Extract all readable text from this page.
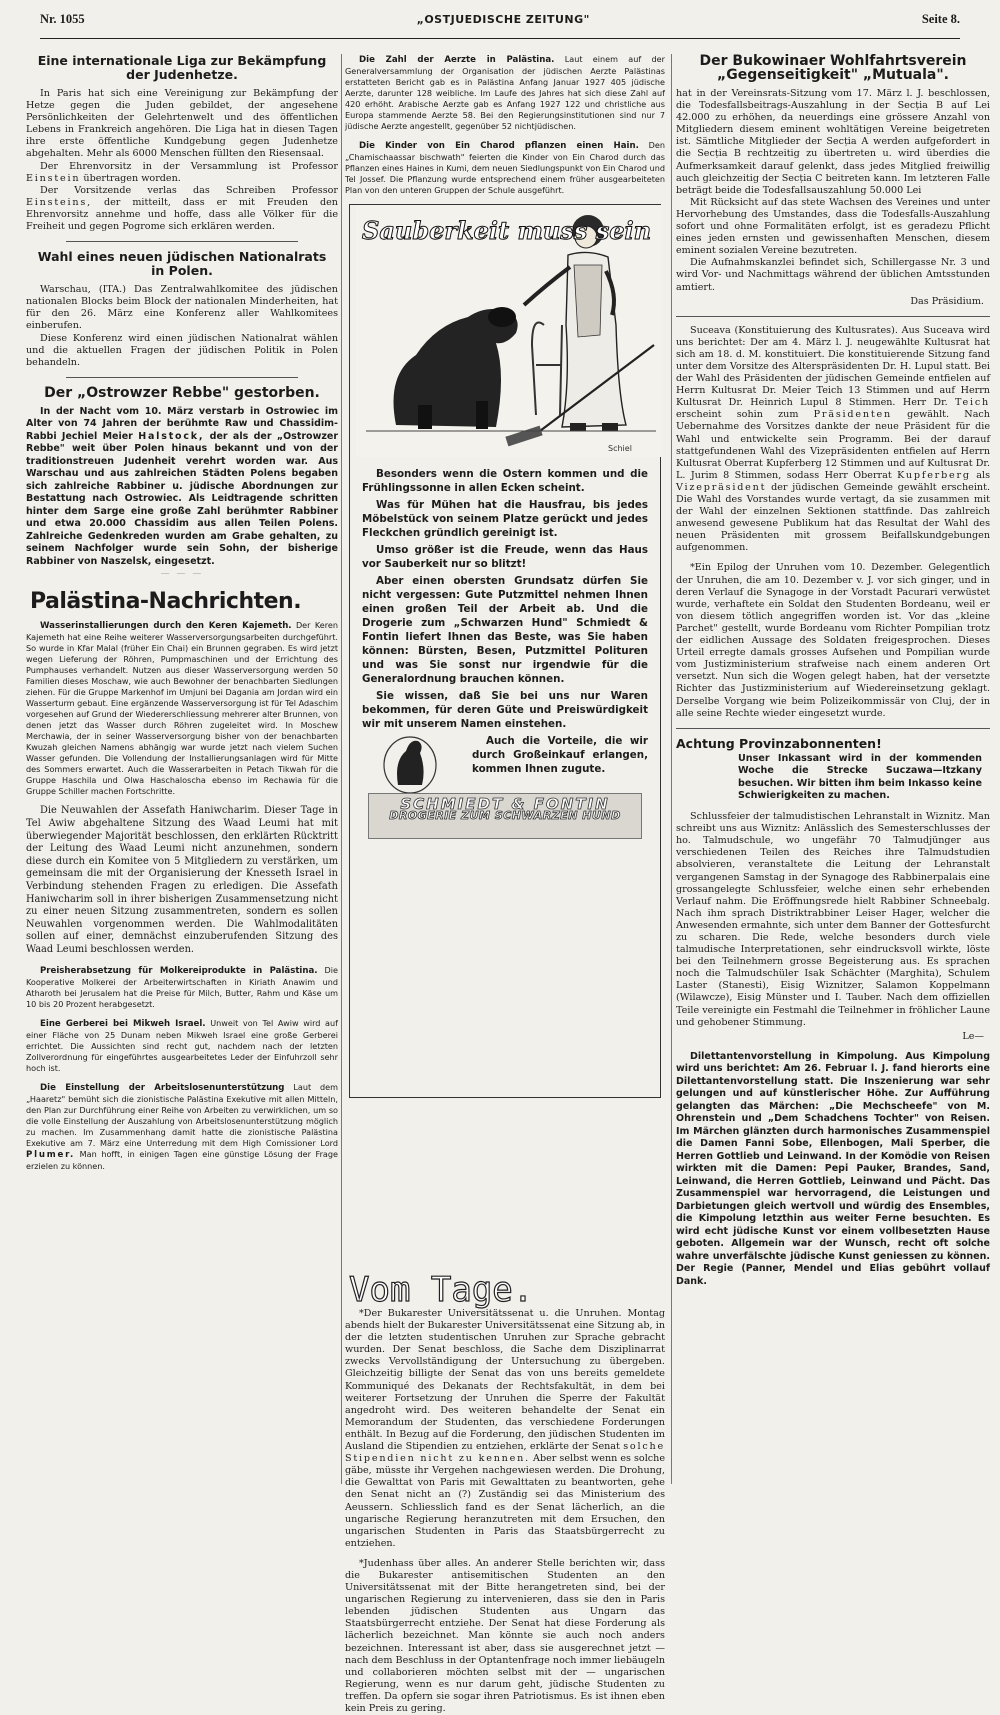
Nr. 1055	„OSTJUEDISCHE ZEITUNG"	Seite 8.
Eine internationale Liga zur Bekämpfung der Judenhetze.

In Paris hat sich eine Vereinigung zur Bekämpfung der Hetze gegen die Juden gebildet, der angesehene Persönlichkeiten der Gelehrtenwelt und des öffentlichen Lebens in Frankreich angehören. Die Liga hat in diesen Tagen ihre erste öffentliche Kundgebung gegen Judenhetze abgehalten. Mehr als 6000 Menschen füllten den Riesensaal.

Der Ehrenvorsitz in der Versammlung ist Professor Einstein übertragen worden.

Der Vorsitzende verlas das Schreiben Professor Einsteins, der mitteilt, dass er mit Freuden den Ehrenvorsitz annehme und hoffe, dass alle Völker für die Freiheit und gegen Pogrome sich erklären werden.

Wahl eines neuen jüdischen Nationalrats in Polen.

Warschau, (ITA.) Das Zentralwahlkomitee des jüdischen nationalen Blocks beim Block der nationalen Minderheiten, hat für den 26. März eine Konferenz aller Wahlkomitees einberufen.

Diese Konferenz wird einen jüdischen Nationalrat wählen und die aktuellen Fragen der jüdischen Politik in Polen behandeln.

Der „Ostrowzer Rebbe" gestorben.

In der Nacht vom 10. März verstarb in Ostrowiec im Alter von 74 Jahren der berühmte Raw und Chassidim-Rabbi Jechiel Meier Halstock, der als der „Ostrowzer Rebbe" weit über Polen hinaus bekannt und von der traditionstreuen Judenheit verehrt worden war. Aus Warschau und aus zahlreichen Städten Polens begaben sich zahlreiche Rabbiner u. jüdische Abordnungen zur Bestattung nach Ostrowiec. Als Leidtragende schritten hinter dem Sarge eine große Zahl berühmter Rabbiner und etwa 20.000 Chassidim aus allen Teilen Polens. Zahlreiche Gedenkreden wurden am Grabe gehalten, zu seinem Nachfolger wurde sein Sohn, der bisherige Rabbiner von Naszelsk, eingesetzt.

— — —
Palästina-Nachrichten.

Wasserinstallierungen durch den Keren Kajemeth. Der Keren Kajemeth hat eine Reihe weiterer Wasserversorgungsarbeiten durchgeführt. So wurde in Kfar Malal (früher Ein Chai) ein Brunnen gegraben. Es wird jetzt wegen Lieferung der Röhren, Pumpmaschinen und der Errichtung des Pumphauses verhandelt. Nutzen aus dieser Wasserversorgung werden 50 Familien dieses Moschaw, wie auch Bewohner der benachbarten Siedlungen ziehen. Für die Gruppe Markenhof im Umjuni bei Dagania am Jordan wird ein Wasserturm gebaut. Eine ergänzende Wasserversorgung ist für Tel Adaschim vorgesehen auf Grund der Wiedererschliessung mehrerer alter Brunnen, von denen jetzt das Wasser durch Röhren zugeleitet wird. In Moschew Merchawia, der in seiner Wasserversorgung bisher von der benachbarten Kwuzah gleichen Namens abhängig war wurde jetzt nach vielem Suchen Wasser gefunden. Die Vollendung der Installierungsanlagen wird für Mitte des Sommers erwartet. Auch die Wasserarbeiten in Petach Tikwah für die Gruppe Haschila und Olwa Haschaloscha ebenso im Rechawia für die Gruppe Schiller machen Fortschritte.

Die Neuwahlen der Assefath Haniwcharim. Dieser Tage in Tel Awiw abgehaltene Sitzung des Waad Leumi hat mit überwiegender Majorität beschlossen, den erklärten Rücktritt der Leitung des Waad Leumi nicht anzunehmen, sondern diese durch ein Komitee von 5 Mitgliedern zu verstärken, um gemeinsam die mit der Organisierung der Knesseth Israel in Verbindung stehenden Fragen zu erledigen. Die Assefath Haniwcharim soll in ihrer bisherigen Zusammensetzung nicht zu einer neuen Sitzung zusammentreten, sondern es sollen Neuwahlen vorgenommen werden. Die Wahlmodalitäten sollen auf einer, demnächst einzuberufenden Sitzung des Waad Leumi beschlossen werden.

Preisherabsetzung für Molkereiprodukte in Palästina. Die Kooperative Molkerei der Arbeiterwirtschaften in Kiriath Anawim und Atharoth bei Jerusalem hat die Preise für Milch, Butter, Rahm und Käse um 10 bis 20 Prozent herabgesetzt.

Eine Gerberei bei Mikweh Israel. Unweit von Tel Awiw wird auf einer Fläche von 25 Dunam neben Mikweh Israel eine große Gerberei errichtet. Die Aussichten sind recht gut, nachdem nach der letzten Zollverordnung für eingeführtes ausgearbeitetes Leder der Einfuhrzoll sehr hoch ist.

Die Einstellung der Arbeitslosenunterstützung Laut dem „Haaretz" bemüht sich die zionistische Palästina Exekutive mit allen Mitteln, den Plan zur Durchführung einer Reihe von Arbeiten zu verwirklichen, um so die volle Einstellung der Auszahlung von Arbeitslosenunterstützung möglich zu machen. Im Zusammenhang damit hatte die zionistische Palästina Exekutive am 7. März eine Unterredung mit dem High Comissioner Lord Plumer. Man hofft, in einigen Tagen eine günstige Lösung der Frage erzielen zu können.

Die Zahl der Aerzte in Palästina. Laut einem auf der Generalversammlung der Organisation der jüdischen Aerzte Palästinas erstatteten Bericht gab es in Palästina Anfang Januar 1927 405 jüdische Aerzte, darunter 128 weibliche. Im Laufe des Jahres hat sich diese Zahl auf 420 erhöht. Arabische Aerzte gab es Anfang 1927 122 und christliche aus Europa stammende Aerzte 58. Bei den Regierungsinstitutionen sind nur 7 jüdische Aerzte angestellt, gegenüber 52 nichtjüdischen.

Die Kinder von Ein Charod pflanzen einen Hain. Den „Chamischaassar bischwath" feierten die Kinder von Ein Charod durch das Pflanzen eines Haines in Kumi, dem neuen Siedlungspunkt von Ein Charod und Tel Jossef. Die Pflanzung wurde entsprechend einem früher ausgearbeiteten Plan von den unteren Gruppen der Schule ausgeführt.

Schiel
Sauberkeit muss sein

Besonders wenn die Ostern kommen und die Frühlingssonne in allen Ecken scheint.

Was für Mühen hat die Hausfrau, bis jedes Möbelstück von seinem Platze gerückt und jedes Fleckchen gründlich gereinigt ist.

Umso größer ist die Freude, wenn das Haus vor Sauberkeit nur so blitzt!

Aber einen obersten Grundsatz dürfen Sie nicht vergessen: Gute Putzmittel nehmen Ihnen einen großen Teil der Arbeit ab. Und die Drogerie zum „Schwarzen Hund" Schmiedt & Fontin liefert Ihnen das Beste, was Sie haben können: Bürsten, Besen, Putzmittel Polituren und was Sie sonst nur irgendwie für die Generalordnung brauchen können.

Sie wissen, daß Sie bei uns nur Waren bekommen, für deren Güte und Preiswürdigkeit wir mit unserem Namen einstehen.

Auch die Vorteile, die wir durch Großeinkauf erlangen, kommen Ihnen zugute.

SCHMIEDT & FONTIN
DROGERIE ZUM SCHWARZEN HUND
Vom Tage.

*Der Bukarester Universitätssenat u. die Unruhen. Montag abends hielt der Bukarester Universitätssenat eine Sitzung ab, in der die letzten studentischen Unruhen zur Sprache gebracht wurden. Der Senat beschloss, die Sache dem Disziplinarrat zwecks Vervollständigung der Untersuchung zu übergeben. Gleichzeitig billigte der Senat das von uns bereits gemeldete Kommuniqué des Dekanats der Rechtsfakultät, in dem bei weiterer Fortsetzung der Unruhen die Sperre der Fakultät angedroht wird. Des weiteren behandelte der Senat ein Memorandum der Studenten, das verschiedene Forderungen enthält. In Bezug auf die Forderung, den jüdischen Studenten im Ausland die Stipendien zu entziehen, erklärte der Senat solche Stipendien nicht zu kennen. Aber selbst wenn es solche gäbe, müsste ihr Vergehen nachgewiesen werden. Die Drohung, die Gewalttat von Paris mit Gewalttaten zu beantworten, gehe den Senat nicht an (?) Zuständig sei das Ministerium des Aeussern. Schliesslich fand es der Senat lächerlich, an die ungarische Regierung heranzutreten mit dem Ersuchen, den ungarischen Studenten in Paris das Staatsbürgerrecht zu entziehen.

*Judenhass über alles. An anderer Stelle berichten wir, dass die Bukarester antisemitischen Studenten an den Universitätssenat mit der Bitte herangetreten sind, bei der ungarischen Regierung zu intervenieren, dass sie den in Paris lebenden jüdischen Studenten aus Ungarn das Staatsbürgerrecht entziehe. Der Senat hat diese Forderung als lächerlich bezeichnet. Man könnte sie auch noch anders bezeichnen. Interessant ist aber, dass sie ausgerechnet jetzt — nach dem Beschluss in der Optantenfrage noch immer liebäugeln und collaborieren möchten selbst mit der — ungarischen Regierung, wenn es nur darum geht, jüdische Studenten zu treffen. Da opfern sie sogar ihren Patriotismus. Es ist ihnen eben kein Preis zu gering.

Der Bukowinaer Wohlfahrtsverein
„Gegenseitigkeit" „Mutuala".

hat in der Vereinsrats-Sitzung vom 17. März l. J. beschlossen, die Todesfallsbeitrags-Auszahlung in der Secția B auf Lei 42.000 zu erhöhen, da neuerdings eine grössere Anzahl von Mitgliedern diesem eminent wohltätigen Vereine beigetreten ist. Sämtliche Mitglieder der Secția A werden aufgefordert in die Secția B rechtzeitig zu übertreten u. wird überdies die Aufmerksamkeit darauf gelenkt, dass jedes Mitglied freiwillig auch gleichzeitig der Secția C beitreten kann. Im letzteren Falle beträgt beide die Todesfallsauszahlung 50.000 Lei

Mit Rücksicht auf das stete Wachsen des Vereines und unter Hervorhebung des Umstandes, dass die Todesfalls-Auszahlung sofort und ohne Formalitäten erfolgt, ist es geradezu Pflicht eines jeden ernsten und gewissenhaften Menschen, diesem eminent sozialen Vereine bezutreten.

Die Aufnahmskanzlei befindet sich, Schillergasse Nr. 3 und wird Vor- und Nachmittags während der üblichen Amtsstunden amtiert.

Das Präsidium.

Suceava (Konstituierung des Kultusrates). Aus Suceava wird uns berichtet: Der am 4. März l. J. neugewählte Kultusrat hat sich am 18. d. M. konstituiert. Die konstituierende Sitzung fand unter dem Vorsitze des Alterspräsidenten Dr. H. Lupul statt. Bei der Wahl des Präsidenten der jüdischen Gemeinde entfielen auf Herrn Kultusrat Dr. Meier Teich 13 Stimmen und auf Herrn Kultusrat Dr. Heinrich Lupul 8 Stimmen. Herr Dr. Teich erscheint sohin zum Präsidenten gewählt. Nach Uebernahme des Vorsitzes dankte der neue Präsident für die Wahl und entwickelte sein Programm. Bei der darauf stattgefundenen Wahl des Vizepräsidenten entfielen auf Herrn Kultusrat Oberrat Kupferberg 12 Stimmen und auf Kultusrat Dr. L. Jurim 8 Stimmen, sodass Herr Oberrat Kupferberg als Vizepräsident der jüdischen Gemeinde gewählt erscheint. Die Wahl des Vorstandes wurde vertagt, da sie zusammen mit der Wahl der einzelnen Sektionen stattfinde. Das zahlreich anwesend gewesene Publikum hat das Resultat der Wahl des neuen Präsidenten mit grossem Beifallskundgebungen aufgenommen.

*Ein Epilog der Unruhen vom 10. Dezember. Gelegentlich der Unruhen, die am 10. Dezember v. J. vor sich ginger, und in deren Verlauf die Synagoge in der Vorstadt Pacurari verwüstet wurde, verhaftete ein Soldat den Studenten Bordeanu, weil er von diesem tötlich angegriffen worden ist. Vor das „kleine Parchet" gestellt, wurde Bordeanu vom Richter Pompilian trotz der eidlichen Aussage des Soldaten freigesprochen. Dieses Urteil erregte damals grosses Aufsehen und Pompilian wurde vom Justizministerium strafweise nach einem anderen Ort versetzt. Nun sich die Wogen gelegt haben, hat der versetzte Richter das Justizministerium auf Wiedereinsetzung geklagt. Derselbe Vorgang wie beim Polizeikommissär von Cluj, der in alle seine Rechte wieder eingesetzt wurde.

Achtung Provinzabonnenten!
Unser Inkassant wird in der kommenden Woche die Strecke Suczawa—Itzkany besuchen. Wir bitten ihm beim Inkasso keine Schwierigkeiten zu machen.

Schlussfeier der talmudistischen Lehranstalt in Wiznitz. Man schreibt uns aus Wiznitz: Anlässlich des Semesterschlusses der ho. Talmudschule, wo ungefähr 70 Talmudjünger aus verschiedenen Teilen des Reiches ihre Talmudstudien absolvieren, veranstaltete die Leitung der Lehranstalt vergangenen Samstag in der Synagoge des Rabbinerpalais eine grossangelegte Schlussfeier, welche einen sehr erhebenden Verlauf nahm. Die Eröffnungsrede hielt Rabbiner Schneebalg. Nach ihm sprach Distriktrabbiner Leiser Hager, welcher die Anwesenden ermahnte, sich unter dem Banner der Gottesfurcht zu scharen. Die Rede, welche besonders durch viele talmudische Interpretationen, sehr eindrucksvoll wirkte, löste bei den Teilnehmern grosse Begeisterung aus. Es sprachen noch die Talmudschüler Isak Schächter (Marghita), Schulem Laster (Stanesti), Eisig Wiznitzer, Salamon Koppelmann (Wilawcze), Eisig Münster und I. Tauber. Nach dem offiziellen Teile vereinigte ein Festmahl die Teilnehmer in fröhlicher Laune und gehobener Stimmung.

Le—

Dilettantenvorstellung in Kimpolung. Aus Kimpolung wird uns berichtet: Am 26. Februar l. J. fand hierorts eine Dilettantenvorstellung statt. Die Inszenierung war sehr gelungen und auf künstlerischer Höhe. Zur Aufführung gelangten das Märchen: „Die Mechscheefe" von M. Ohrenstein und „Dem Schadchens Tochter" von Reisen. Im Märchen glänzten durch harmonisches Zusammenspiel die Damen Fanni Sobe, Ellenbogen, Mali Sperber, die Herren Gottlieb und Leinwand. In der Komödie von Reisen wirkten mit die Damen: Pepi Pauker, Brandes, Sand, Leinwand, die Herren Gottlieb, Leinwand und Pächt. Das Zusammenspiel war hervorragend, die Leistungen und Darbietungen gleich wertvoll und würdig des Ensembles, die Kimpolung letzthin aus weiter Ferne besuchten. Es wird echt jüdische Kunst vor einem vollbesetzten Hause geboten. Allgemein war der Wunsch, recht oft solche wahre unverfälschte jüdische Kunst geniessen zu können. Der Regie (Panner, Mendel und Elias gebührt vollauf Dank.
